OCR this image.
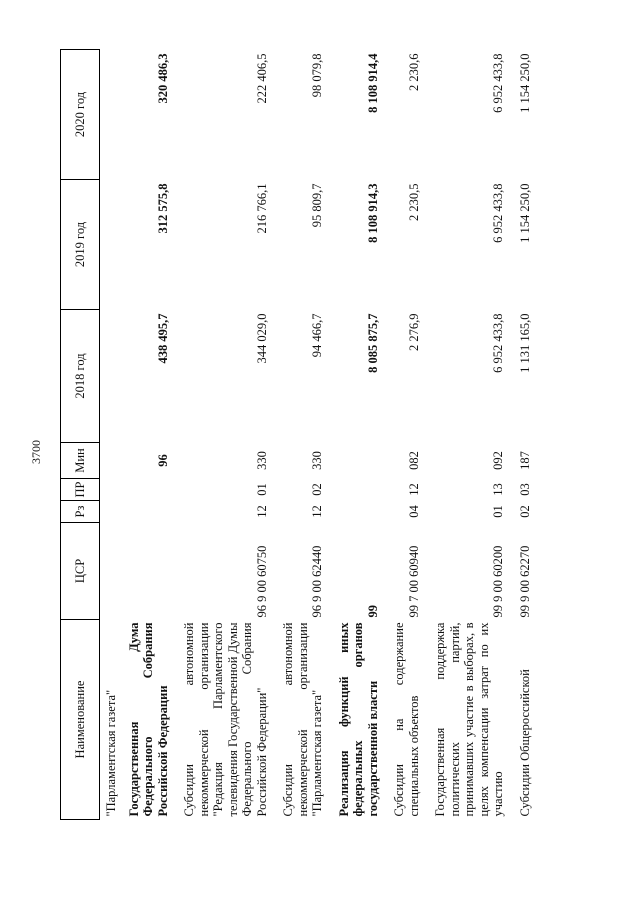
3700
Наименование	ЦСР	Рз	ПР	Мин	2018 год	2019 год	2020 год
"Парламентская газета"							
Государственная Дума Федерального Собрания Российской Федерации				96	438 495,7	312 575,8	320 486,3
Субсидии автономной некоммерческой организации "Редакция Парламентского телевидения Государственной Думы Федерального Собрания Российской Федерации"	96 9 00 60750	12	01	330	344 029,0	216 766,1	222 406,5
Субсидии автономной некоммерческой организации "Парламентская газета"	96 9 00 62440	12	02	330	94 466,7	95 809,7	98 079,8
Реализация функций иных федеральных органов государственной власти	99				8 085 875,7	8 108 914,3	8 108 914,4
Субсидии на содержание специальных объектов	99 7 00 60940	04	12	082	2 276,9	2 230,5	2 230,6
Государственная поддержка политических партий, принимавших участие в выборах, в целях компенсации затрат по их участию	99 9 00 60200	01	13	092	6 952 433,8	6 952 433,8	6 952 433,8
Субсидии Общероссийской	99 9 00 62270	02	03	187	1 131 165,0	1 154 250,0	1 154 250,0
